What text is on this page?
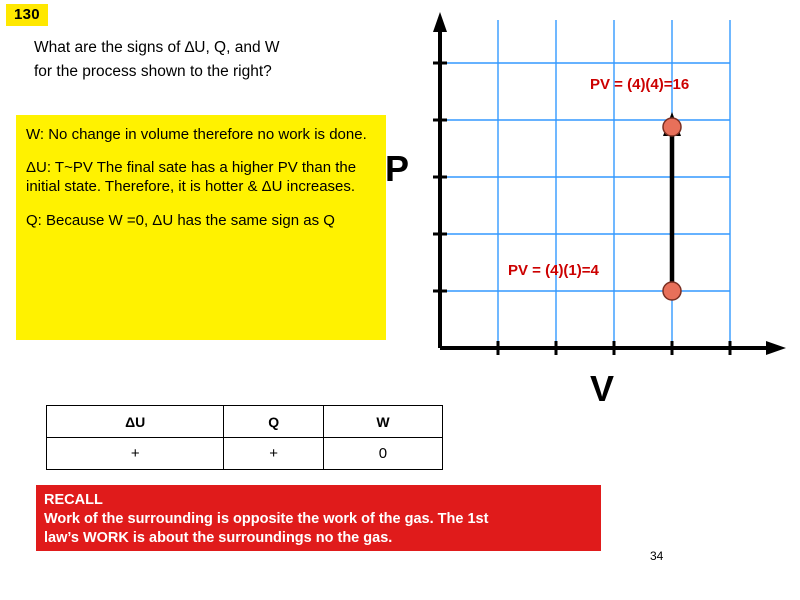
130
What are the signs of ∆U, Q, and W
for the process shown to the right?

W: No change in volume therefore no work is done.

ΔU: T~PV The final sate has a higher PV than the initial state. Therefore, it is hotter & ΔU increases.

Q: Because W =0, ΔU has the same sign as Q

P
V
PV = (4)(4)=16
PV = (4)(1)=4
ΔU	Q	W
+	+	0
RECALL
Work of the surrounding is opposite the work of the gas. The 1st
law’s WORK is about the surroundings no the gas.
34
